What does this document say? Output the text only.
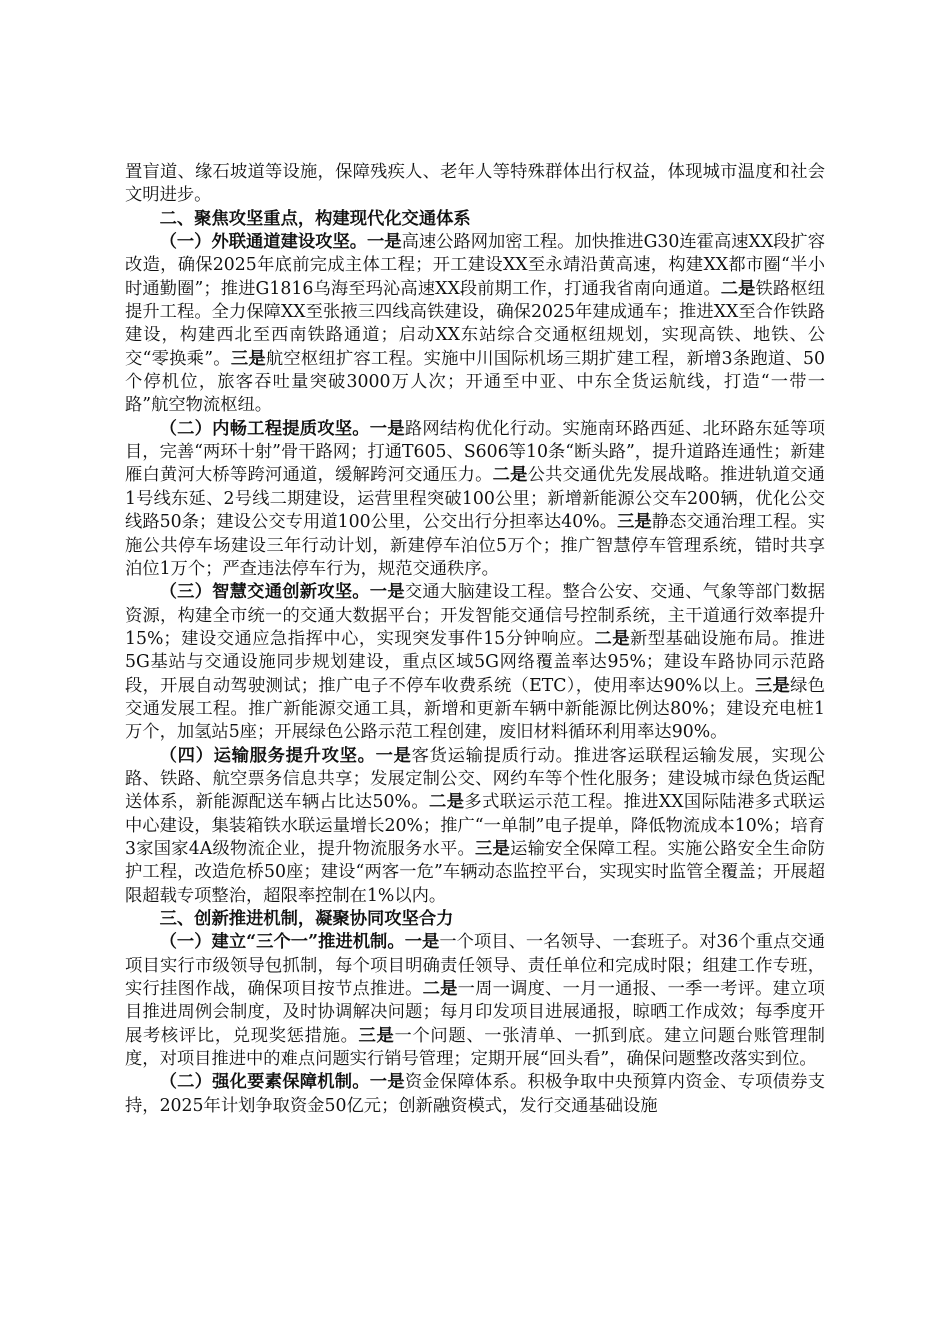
置盲道、缘石坡道等设施，保障残疾人、老年人等特殊群体出行权益，体现城市温度和社会文明进步。

二、聚焦攻坚重点，构建现代化交通体系

（一）外联通道建设攻坚。一是高速公路网加密工程。加快推进G30连霍高速XX段扩容改造，确保2025年底前完成主体工程；开工建设XX至永靖沿黄高速，构建XX都市圈“半小时通勤圈”；推进G1816乌海至玛沁高速XX段前期工作，打通我省南向通道。二是铁路枢纽提升工程。全力保障XX至张掖三四线高铁建设，确保2025年建成通车；推进XX至合作铁路建设，构建西北至西南铁路通道；启动XX东站综合交通枢纽规划，实现高铁、地铁、公交“零换乘”。三是航空枢纽扩容工程。实施中川国际机场三期扩建工程，新增3条跑道、50个停机位，旅客吞吐量突破3000万人次；开通至中亚、中东全货运航线，打造“一带一路”航空物流枢纽。

（二）内畅工程提质攻坚。一是路网结构优化行动。实施南环路西延、北环路东延等项目，完善“两环十射”骨干路网；打通T605、S606等10条“断头路”，提升道路连通性；新建雁白黄河大桥等跨河通道，缓解跨河交通压力。二是公共交通优先发展战略。推进轨道交通1号线东延、2号线二期建设，运营里程突破100公里；新增新能源公交车200辆，优化公交线路50条；建设公交专用道100公里，公交出行分担率达40%。三是静态交通治理工程。实施公共停车场建设三年行动计划，新建停车泊位5万个；推广智慧停车管理系统，错时共享泊位1万个；严查违法停车行为，规范交通秩序。

（三）智慧交通创新攻坚。一是交通大脑建设工程。整合公安、交通、气象等部门数据资源，构建全市统一的交通大数据平台；开发智能交通信号控制系统，主干道通行效率提升15%；建设交通应急指挥中心，实现突发事件15分钟响应。二是新型基础设施布局。推进5G基站与交通设施同步规划建设，重点区域5G网络覆盖率达95%；建设车路协同示范路段，开展自动驾驶测试；推广电子不停车收费系统（ETC），使用率达90%以上。三是绿色交通发展工程。推广新能源交通工具，新增和更新车辆中新能源比例达80%；建设充电桩1万个，加氢站5座；开展绿色公路示范工程创建，废旧材料循环利用率达90%。

（四）运输服务提升攻坚。一是客货运输提质行动。推进客运联程运输发展，实现公路、铁路、航空票务信息共享；发展定制公交、网约车等个性化服务；建设城市绿色货运配送体系，新能源配送车辆占比达50%。二是多式联运示范工程。推进XX国际陆港多式联运中心建设，集装箱铁水联运量增长20%；推广“一单制”电子提单，降低物流成本10%；培育3家国家4A级物流企业，提升物流服务水平。三是运输安全保障工程。实施公路安全生命防护工程，改造危桥50座；建设“两客一危”车辆动态监控平台，实现实时监管全覆盖；开展超限超载专项整治，超限率控制在1%以内。

三、创新推进机制，凝聚协同攻坚合力

（一）建立“三个一”推进机制。一是一个项目、一名领导、一套班子。对36个重点交通项目实行市级领导包抓制，每个项目明确责任领导、责任单位和完成时限；组建工作专班，实行挂图作战，确保项目按节点推进。二是一周一调度、一月一通报、一季一考评。建立项目推进周例会制度，及时协调解决问题；每月印发项目进展通报，晾晒工作成效；每季度开展考核评比，兑现奖惩措施。三是一个问题、一张清单、一抓到底。建立问题台账管理制度，对项目推进中的难点问题实行销号管理；定期开展“回头看”，确保问题整改落实到位。

（二）强化要素保障机制。一是资金保障体系。积极争取中央预算内资金、专项债券支持，2025年计划争取资金50亿元；创新融资模式，发行交通基础设施
